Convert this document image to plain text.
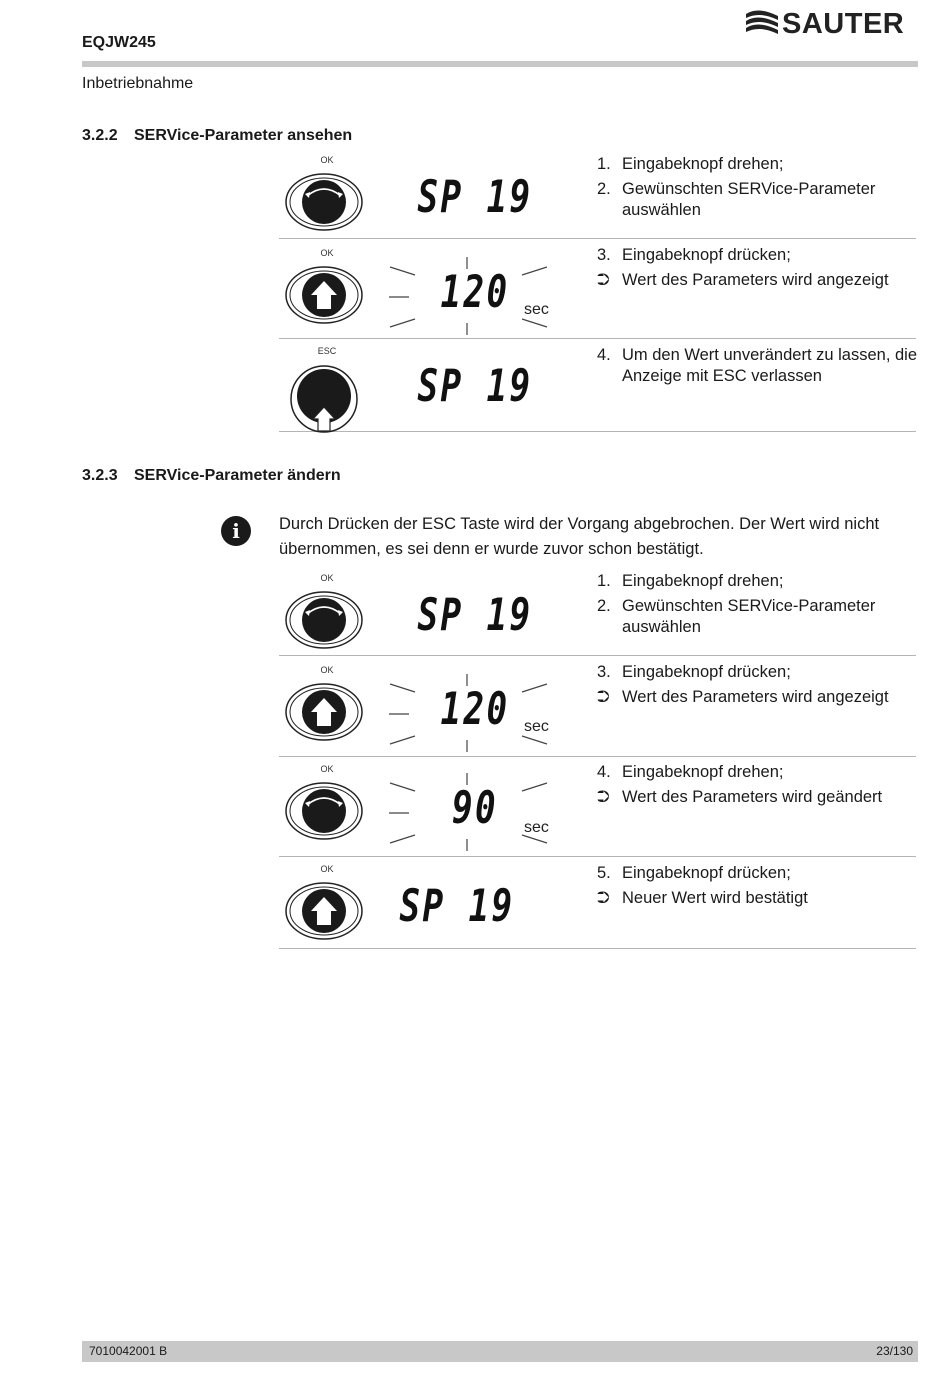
EQJW245
SAUTER
Inbetriebnahme
3.2.2 SERVice-Parameter ansehen
OK
SP 19
1. Eingabeknopf drehen;
2. Gewünschten SERVice-Parameter auswählen
OK
120 sec
3. Eingabeknopf drücken;
⮊ Wert des Parameters wird angezeigt
ESC
SP 19
4. Um den Wert unverändert zu lassen, die Anzeige mit ESC verlassen
3.2.3 SERVice-Parameter ändern
i	Durch Drücken der ESC Taste wird der Vorgang abgebrochen. Der Wert wird nicht übernommen, es sei denn er wurde zuvor schon bestätigt.
OK
SP 19
1. Eingabeknopf drehen;
2. Gewünschten SERVice-Parameter auswählen
OK
120 sec
3. Eingabeknopf drücken;
⮊ Wert des Parameters wird angezeigt
OK
90	sec
4. Eingabeknopf drehen;
⮊ Wert des Parameters wird geändert
OK
SP 19
5. Eingabeknopf drücken;
⮊ Neuer Wert wird bestätigt
7010042001 B	23/130
